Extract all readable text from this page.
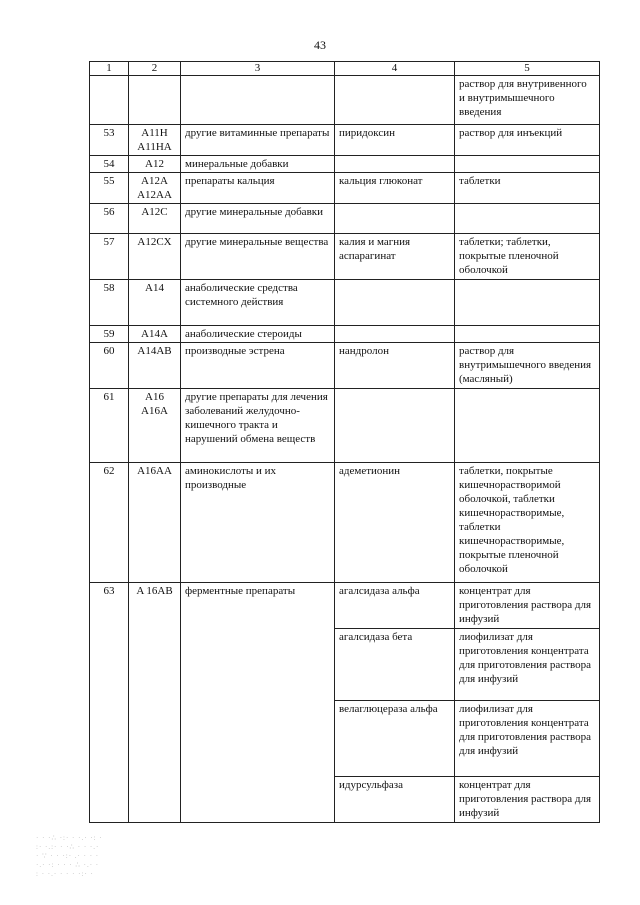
43
1	2	3	4	5
				раствор для внутривенного и внутримышечного введения
53	A11H A11HA	другие витаминные препараты	пиридоксин	раствор для инъекций
54	A12	минеральные добавки		
55	A12A A12AA	препараты кальция	кальция глюконат	таблетки
56	A12C	другие минеральные добавки		
57	A12CX	другие минеральные вещества	калия и магния аспарагинат	таблетки; таблетки, покрытые пленочной оболочкой
58	A14	анаболические средства системного действия		
59	A14A	анаболические стероиды		
60	A14AB	производные эстрена	нандролон	раствор для внутримышечного введения (масляный)
61	A16 A16A	другие препараты для лечения заболеваний желудочно-кишечного тракта и нарушений обмена веществ		
62	A16AA	аминокислоты и их производные	адеметионин	таблетки, покрытые кишечнорастворимой оболочкой, таблетки кишечнорастворимые, таблетки кишечнорастворимые, покрытые пленочной оболочкой
63	A 16AB	ферментные препараты	агалсидаза альфа	концентрат для приготовления раствора для инфузий
			агалсидаза бета	лиофилизат для приготовления концентрата для приготовления раствора для инфузий
			велаглюцераза альфа	лиофилизат для приготовления концентрата для приготовления раствора для инфузий
			идурсульфаза	концентрат для приготовления раствора для инфузий
· · ·∴ ·:· · ·.· ·: ·
:· ·.:· · ·∴ · · ·.·
· ∵ · · ·:· .· · · ·
·.· ·: · · · ∴ ·.· ·
: · ·.· · · · ·:· ·
